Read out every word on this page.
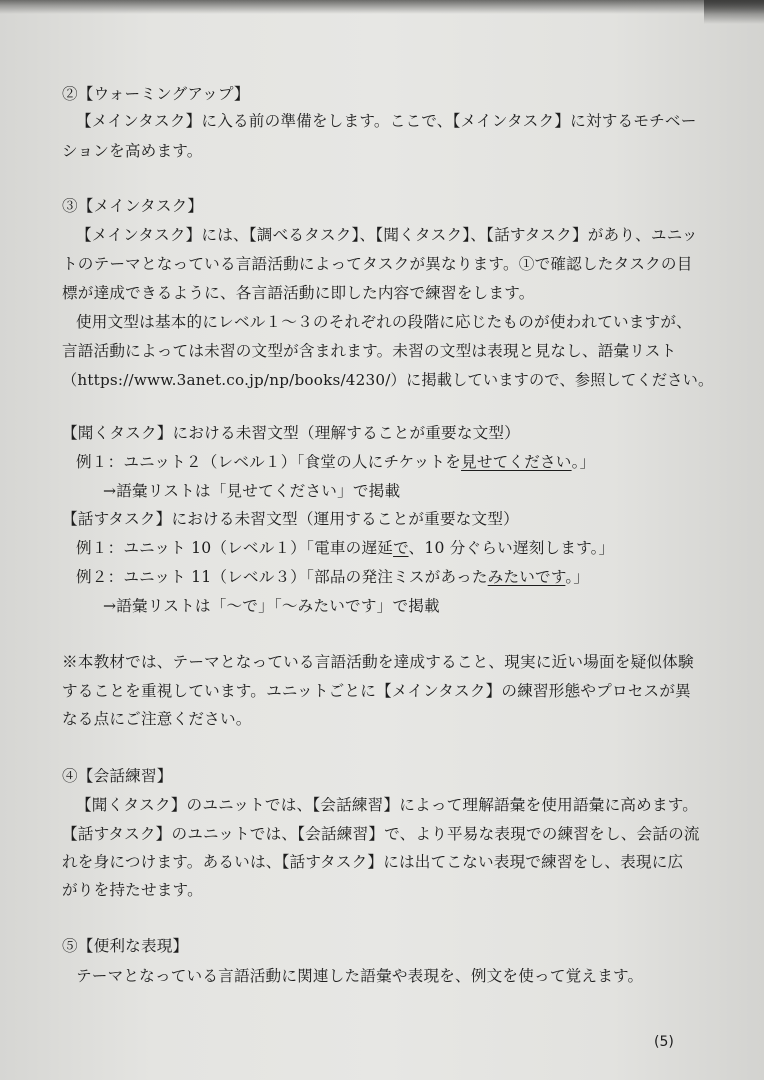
②【ウォーミングアップ】
【メインタスク】に入る前の準備をします。ここで、【メインタスク】に対するモチベー
ションを高めます。
③【メインタスク】
【メインタスク】には、【調べるタスク】、【聞くタスク】、【話すタスク】があり、ユニッ
トのテーマとなっている言語活動によってタスクが異なります。①で確認したタスクの目
標が達成できるように、各言語活動に即した内容で練習をします。
使用文型は基本的にレベル１～３のそれぞれの段階に応じたものが使われていますが、
言語活動によっては未習の文型が含まれます。未習の文型は表現と見なし、語彙リスト
（https://www.3anet.co.jp/np/books/4230/）に掲載していますので、参照してください。
【聞くタスク】における未習文型（理解することが重要な文型）
例１：ユニット２（レベル１）「食堂の人にチケットを見せてください。」
→語彙リストは「見せてください」で掲載
【話すタスク】における未習文型（運用することが重要な文型）
例１：ユニット 10（レベル１）「電車の遅延で、10 分ぐらい遅刻します。」
例２：ユニット 11（レベル３）「部品の発注ミスがあったみたいです。」
→語彙リストは「～で」「～みたいです」で掲載
※本教材では、テーマとなっている言語活動を達成すること、現実に近い場面を疑似体験
することを重視しています。ユニットごとに【メインタスク】の練習形態やプロセスが異
なる点にご注意ください。
④【会話練習】
【聞くタスク】のユニットでは、【会話練習】によって理解語彙を使用語彙に高めます。
【話すタスク】のユニットでは、【会話練習】で、より平易な表現での練習をし、会話の流
れを身につけます。あるいは、【話すタスク】には出てこない表現で練習をし、表現に広
がりを持たせます。
⑤【便利な表現】
テーマとなっている言語活動に関連した語彙や表現を、例文を使って覚えます。
(5)
